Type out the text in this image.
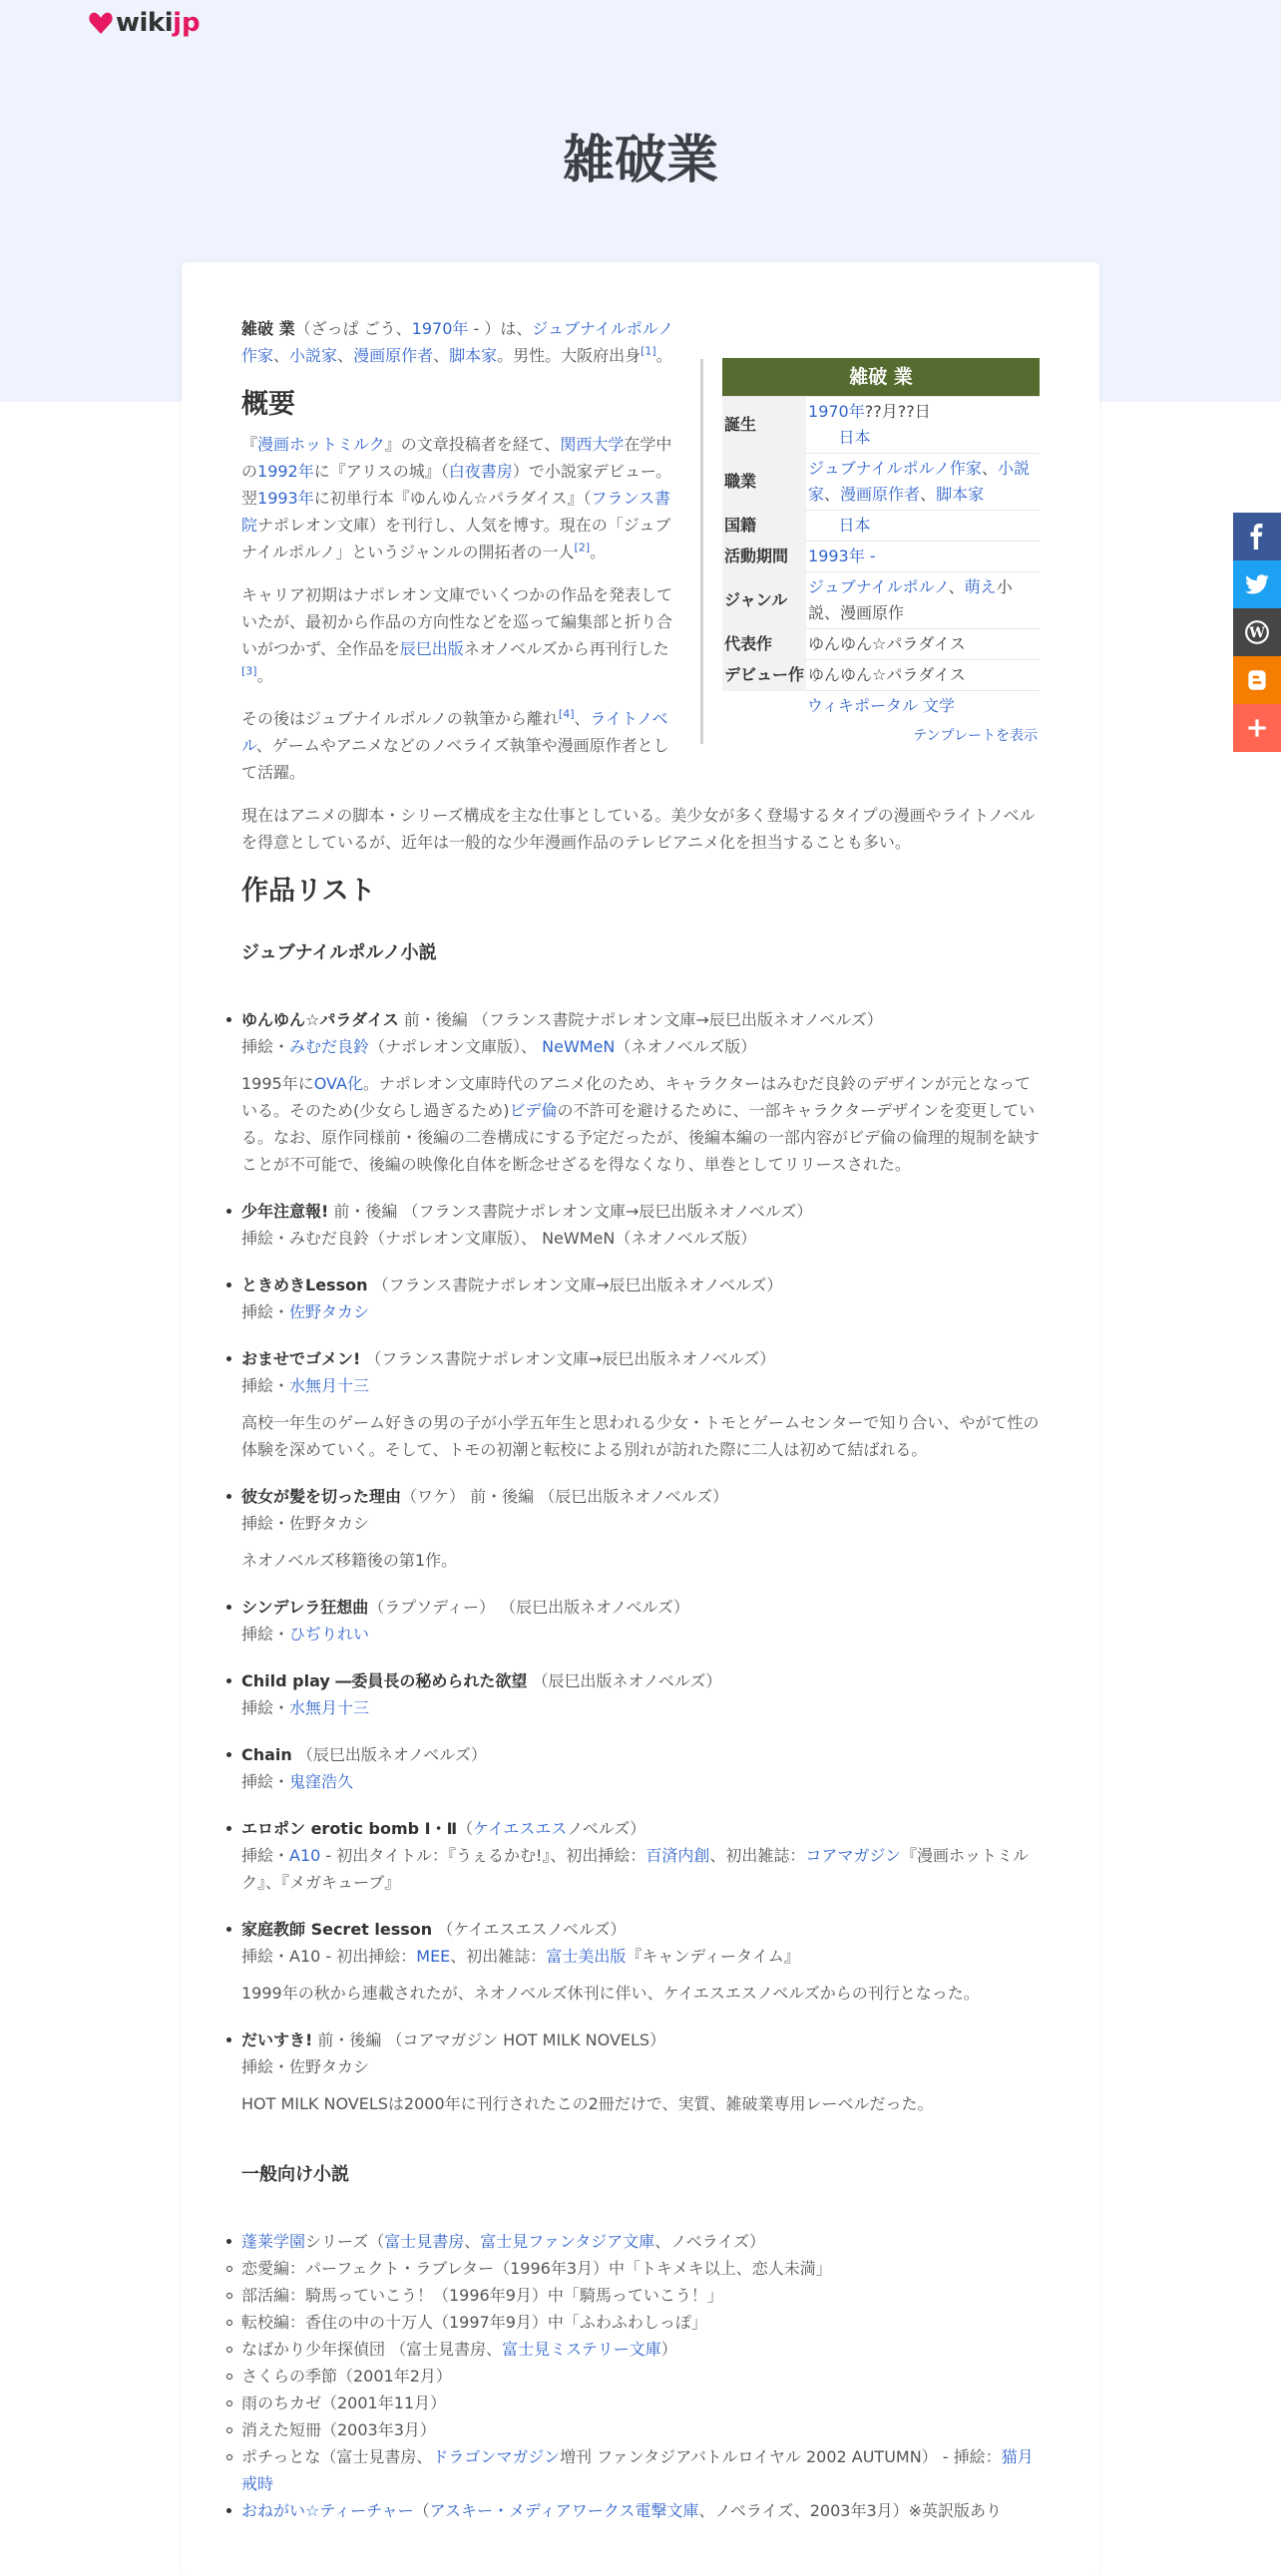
wiki jp
雑破業
雑破 業	
誕生	1970年??月??日
日本
職業	ジュブナイルポルノ作家、小説家、漫画原作者、脚本家
国籍	日本
活動期間	1993年 -
ジャンル	ジュブナイルポルノ、萌え小説、漫画原作
代表作	ゆんゆん☆パラダイス
デビュー作	ゆんゆん☆パラダイス
ウィキポータル 文学	
テンプレートを表示	

雑破 業（ざっぱ ごう、1970年 - ）は、ジュブナイルポルノ作家、小説家、漫画原作者、脚本家。男性。大阪府出身[1]。

概要

『漫画ホットミルク』の文章投稿者を経て、関西大学在学中の1992年に『アリスの城』（白夜書房）で小説家デビュー。翌1993年に初単行本『ゆんゆん☆パラダイス』（フランス書院ナポレオン文庫）を刊行し、人気を博す。現在の「ジュブナイルポルノ」というジャンルの開拓者の一人[2]。

キャリア初期はナポレオン文庫でいくつかの作品を発表していたが、最初から作品の方向性などを巡って編集部と折り合いがつかず、全作品を辰巳出版ネオノベルズから再刊行した[3]。

その後はジュブナイルポルノの執筆から離れ[4]、ライトノベル、ゲームやアニメなどのノベライズ執筆や漫画原作者として活躍。

現在はアニメの脚本・シリーズ構成を主な仕事としている。美少女が多く登場するタイプの漫画やライトノベルを得意としているが、近年は一般的な少年漫画作品のテレビアニメ化を担当することも多い。

作品リスト
ジュブナイルポルノ小説
ゆんゆん☆パラダイス 前・後編 （フランス書院ナポレオン文庫→辰巳出版ネオノベルズ）
挿絵・みむだ良鈴（ナポレオン文庫版）、 NeWMeN（ネオノベルズ版）

1995年にOVA化。ナポレオン文庫時代のアニメ化のため、キャラクターはみむだ良鈴のデザインが元となっている。そのため(少女らし過ぎるため)ビデ倫の不許可を避けるために、一部キャラクターデザインを変更している。なお、原作同様前・後編の二巻構成にする予定だったが、後編本編の一部内容がビデ倫の倫理的規制を缺すことが不可能で、後編の映像化自体を断念せざるを得なくなり、単巻としてリリースされた。

少年注意報! 前・後編 （フランス書院ナポレオン文庫→辰巳出版ネオノベルズ）
挿絵・みむだ良鈴（ナポレオン文庫版）、 NeWMeN（ネオノベルズ版）
ときめきLesson （フランス書院ナポレオン文庫→辰巳出版ネオノベルズ）
挿絵・佐野タカシ
おませでゴメン! （フランス書院ナポレオン文庫→辰巳出版ネオノベルズ）
挿絵・水無月十三

高校一年生のゲーム好きの男の子が小学五年生と思われる少女・トモとゲームセンターで知り合い、やがて性の体験を深めていく。そして、トモの初潮と転校による別れが訪れた際に二人は初めて結ばれる。

彼女が髪を切った理由（ワケ） 前・後編 （辰巳出版ネオノベルズ）
挿絵・佐野タカシ

ネオノベルズ移籍後の第1作。

シンデレラ狂想曲（ラプソディー） （辰巳出版ネオノベルズ）
挿絵・ひぢりれい
Child play ―委員長の秘められた欲望 （辰巳出版ネオノベルズ）
挿絵・水無月十三
Chain （辰巳出版ネオノベルズ）
挿絵・鬼窪浩久
エロポン erotic bomb Ⅰ・Ⅱ（ケイエスエスノベルズ）
挿絵・A10 - 初出タイトル：『うぇるかむ!』、初出挿絵：百済内創、初出雑誌：コアマガジン『漫画ホットミルク』、『メガキューブ』
家庭教師 Secret lesson （ケイエスエスノベルズ）
挿絵・A10 - 初出挿絵：MEE、初出雑誌：富士美出版『キャンディータイム』

1999年の秋から連載されたが、ネオノベルズ休刊に伴い、ケイエスエスノベルズからの刊行となった。

だいすき! 前・後編 （コアマガジン HOT MILK NOVELS）
挿絵・佐野タカシ

HOT MILK NOVELSは2000年に刊行されたこの2冊だけで、実質、雑破業専用レーベルだった。

一般向け小説
蓬莱学園シリーズ（富士見書房、富士見ファンタジア文庫、ノベライズ）
恋愛編：パーフェクト・ラブレター（1996年3月）中「トキメキ以上、恋人未満」
部活編：騎馬っていこう！（1996年9月）中「騎馬っていこう！」
転校編：香住の中の十万人（1997年9月）中「ふわふわしっぽ」
なばかり少年探偵団 （富士見書房、富士見ミステリー文庫）
さくらの季節（2001年2月）
雨のちカゼ（2001年11月）
消えた短冊（2003年3月）
ポチっとな（富士見書房、ドラゴンマガジン増刊 ファンタジアバトルロイヤル 2002 AUTUMN） - 挿絵：猫月戒時
おねがい☆ティーチャー（アスキー・メディアワークス電撃文庫、ノベライズ、2003年3月）※英訳版あり
W
